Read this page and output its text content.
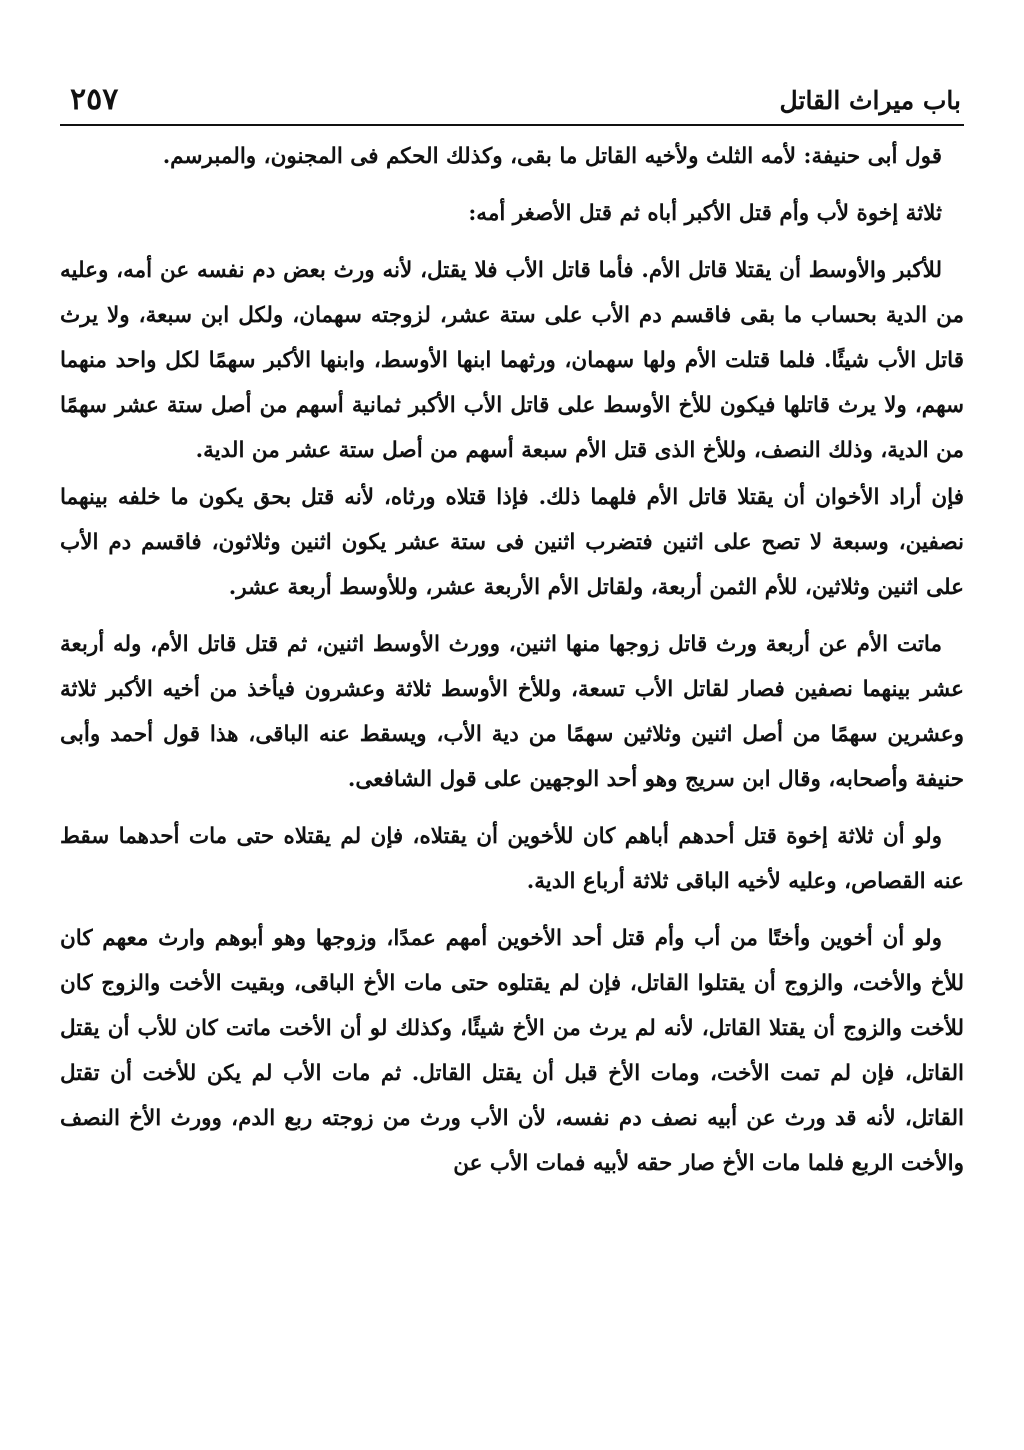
باب ميراث القاتل
٢٥٧

قول أبى حنيفة: لأمه الثلث ولأخيه القاتل ما بقى، وكذلك الحكم فى المجنون، والمبرسم.

ثلاثة إخوة لأب وأم قتل الأكبر أباه ثم قتل الأصغر أمه:

للأكبر والأوسط أن يقتلا قاتل الأم. فأما قاتل الأب فلا يقتل، لأنه ورث بعض دم نفسه عن أمه، وعليه من الدية بحساب ما بقى فاقسم دم الأب على ستة عشر، لزوجته سهمان، ولكل ابن سبعة، ولا يرث قاتل الأب شيئًا. فلما قتلت الأم ولها سهمان، ورثهما ابنها الأوسط، وابنها الأكبر سهمًا لكل واحد منهما سهم، ولا يرث قاتلها فيكون للأخ الأوسط على قاتل الأب الأكبر ثمانية أسهم من أصل ستة عشر سهمًا من الدية، وذلك النصف، وللأخ الذى قتل الأم سبعة أسهم من أصل ستة عشر من الدية.

فإن أراد الأخوان أن يقتلا قاتل الأم فلهما ذلك. فإذا قتلاه ورثاه، لأنه قتل بحق يكون ما خلفه بينهما نصفين، وسبعة لا تصح على اثنين فتضرب اثنين فى ستة عشر يكون اثنين وثلاثون، فاقسم دم الأب على اثنين وثلاثين، للأم الثمن أربعة، ولقاتل الأم الأربعة عشر، وللأوسط أربعة عشر.

ماتت الأم عن أربعة ورث قاتل زوجها منها اثنين، وورث الأوسط اثنين، ثم قتل قاتل الأم، وله أربعة عشر بينهما نصفين فصار لقاتل الأب تسعة، وللأخ الأوسط ثلاثة وعشرون فيأخذ من أخيه الأكبر ثلاثة وعشرين سهمًا من أصل اثنين وثلاثين سهمًا من دية الأب، ويسقط عنه الباقى، هذا قول أحمد وأبى حنيفة وأصحابه، وقال ابن سريج وهو أحد الوجهين على قول الشافعى.

ولو أن ثلاثة إخوة قتل أحدهم أباهم كان للأخوين أن يقتلاه، فإن لم يقتلاه حتى مات أحدهما سقط عنه القصاص، وعليه لأخيه الباقى ثلاثة أرباع الدية.

ولو أن أخوين وأختًا من أب وأم قتل أحد الأخوين أمهم عمدًا، وزوجها وهو أبوهم وارث معهم كان للأخ والأخت، والزوج أن يقتلوا القاتل، فإن لم يقتلوه حتى مات الأخ الباقى، وبقيت الأخت والزوج كان للأخت والزوج أن يقتلا القاتل، لأنه لم يرث من الأخ شيئًا، وكذلك لو أن الأخت ماتت كان للأب أن يقتل القاتل، فإن لم تمت الأخت، ومات الأخ قبل أن يقتل القاتل. ثم مات الأب لم يكن للأخت أن تقتل القاتل، لأنه قد ورث عن أبيه نصف دم نفسه، لأن الأب ورث من زوجته ربع الدم، وورث الأخ النصف والأخت الربع فلما مات الأخ صار حقه لأبيه فمات الأب عن
